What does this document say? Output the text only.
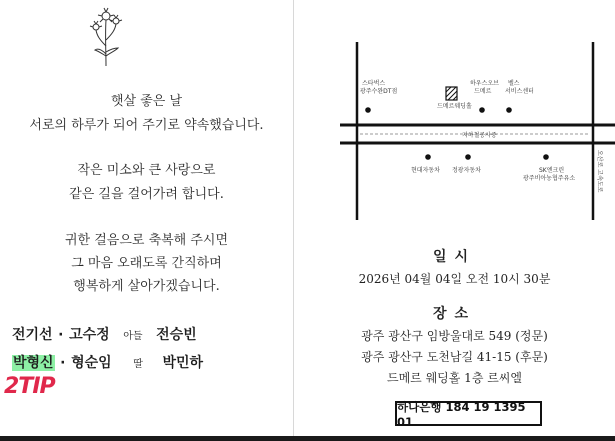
햇살 좋은 날
서로의 하루가 되어 주기로 약속했습니다.
작은 미소와 큰 사랑으로
같은 길을 걸어가려 합니다.
귀한 걸음으로 축복해 주시면
그 마음 오래도록 간직하며
행복하게 살아가겠습니다.
전기선 · 고수정 아들 전승빈
박형신 · 형순임 딸 박민하
2TIP
스타벅스
광주수완DT점
드메르웨딩홀
하우스오브
드메르
벨스
서비스센터
지하철공사중
현대자동차 정광자동차	SK엔크린
광주비아농협주유소	오산로 고속도로
일시
2026년 04월 04일 오전 10시 30분
장소
광주 광산구 임방울대로 549 (정문)
광주 광산구 도천남길 41-15 (후문)
드메르 웨딩홀 1층 르씨엘
하나은행 184 19 1395 01
